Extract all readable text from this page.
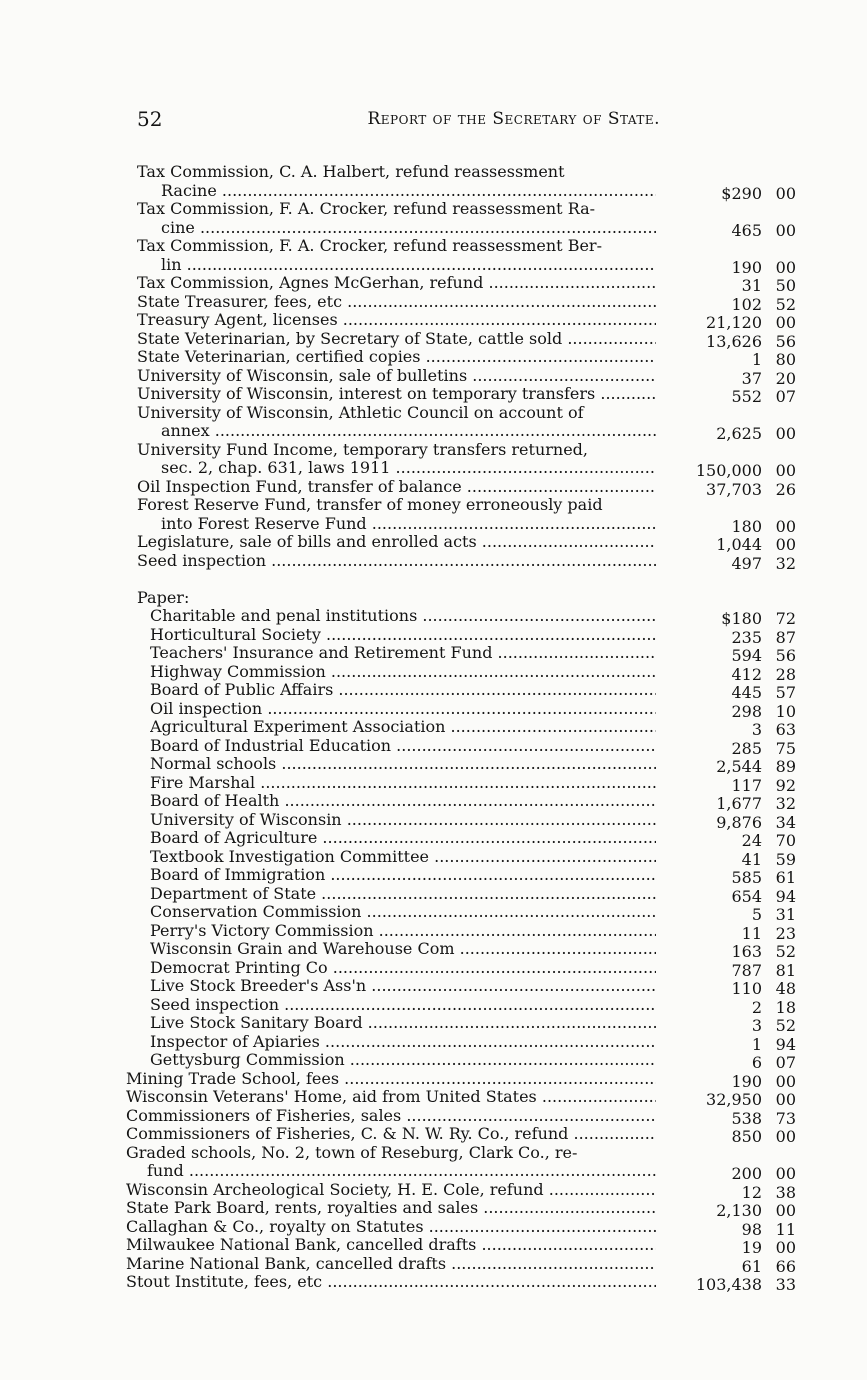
52	Report of the Secretary of State.
Tax Commission, C. A. Halbert, refund reassessment
Racine .....	$290 00
Tax Commission, F. A. Crocker, refund reassessment Ra-
cine .....	465 00
Tax Commission, F. A. Crocker, refund reassessment Ber-
lin .....	190 00
Tax Commission, Agnes McGerhan, refund .....	31 50
State Treasurer, fees, etc .....	102 52
Treasury Agent, licenses .....	21,120 00
State Veterinarian, by Secretary of State, cattle sold .....	13,626 56
State Veterinarian, certified copies .....	1 80
University of Wisconsin, sale of bulletins .....	37 20
University of Wisconsin, interest on temporary transfers .....	552 07
University of Wisconsin, Athletic Council on account of
annex .....	2,625 00
University Fund Income, temporary transfers returned,
sec. 2, chap. 631, laws 1911 .....	150,000 00
Oil Inspection Fund, transfer of balance .....	37,703 26
Forest Reserve Fund, transfer of money erroneously paid
into Forest Reserve Fund .....	180 00
Legislature, sale of bills and enrolled acts .....	1,044 00
Seed inspection .....	497 32
Paper:
Charitable and penal institutions .....	$180 72
Horticultural Society .....	235 87
Teachers' Insurance and Retirement Fund .....	594 56
Highway Commission .....	412 28
Board of Public Affairs .....	445 57
Oil inspection .....	298 10
Agricultural Experiment Association .....	3 63
Board of Industrial Education .....	285 75
Normal schools .....	2,544 89
Fire Marshal .....	117 92
Board of Health .....	1,677 32
University of Wisconsin .....	9,876 34
Board of Agriculture .....	24 70
Textbook Investigation Committee .....	41 59
Board of Immigration .....	585 61
Department of State .....	654 94
Conservation Commission .....	5 31
Perry's Victory Commission .....	11 23
Wisconsin Grain and Warehouse Com .....	163 52
Democrat Printing Co .....	787 81
Live Stock Breeder's Ass'n .....	110 48
Seed inspection .....	2 18
Live Stock Sanitary Board .....	3 52
Inspector of Apiaries .....	1 94
Gettysburg Commission .....	6 07
Mining Trade School, fees .....	190 00
Wisconsin Veterans' Home, aid from United States .....	32,950 00
Commissioners of Fisheries, sales .....	538 73
Commissioners of Fisheries, C. & N. W. Ry. Co., refund .....	850 00
Graded schools, No. 2, town of Reseburg, Clark Co., re-
fund .....	200 00
Wisconsin Archeological Society, H. E. Cole, refund .....	12 38
State Park Board, rents, royalties and sales .....	2,130 00
Callaghan & Co., royalty on Statutes .....	98 11
Milwaukee National Bank, cancelled drafts .....	19 00
Marine National Bank, cancelled drafts .....	61 66
Stout Institute, fees, etc .....	103,438 33
